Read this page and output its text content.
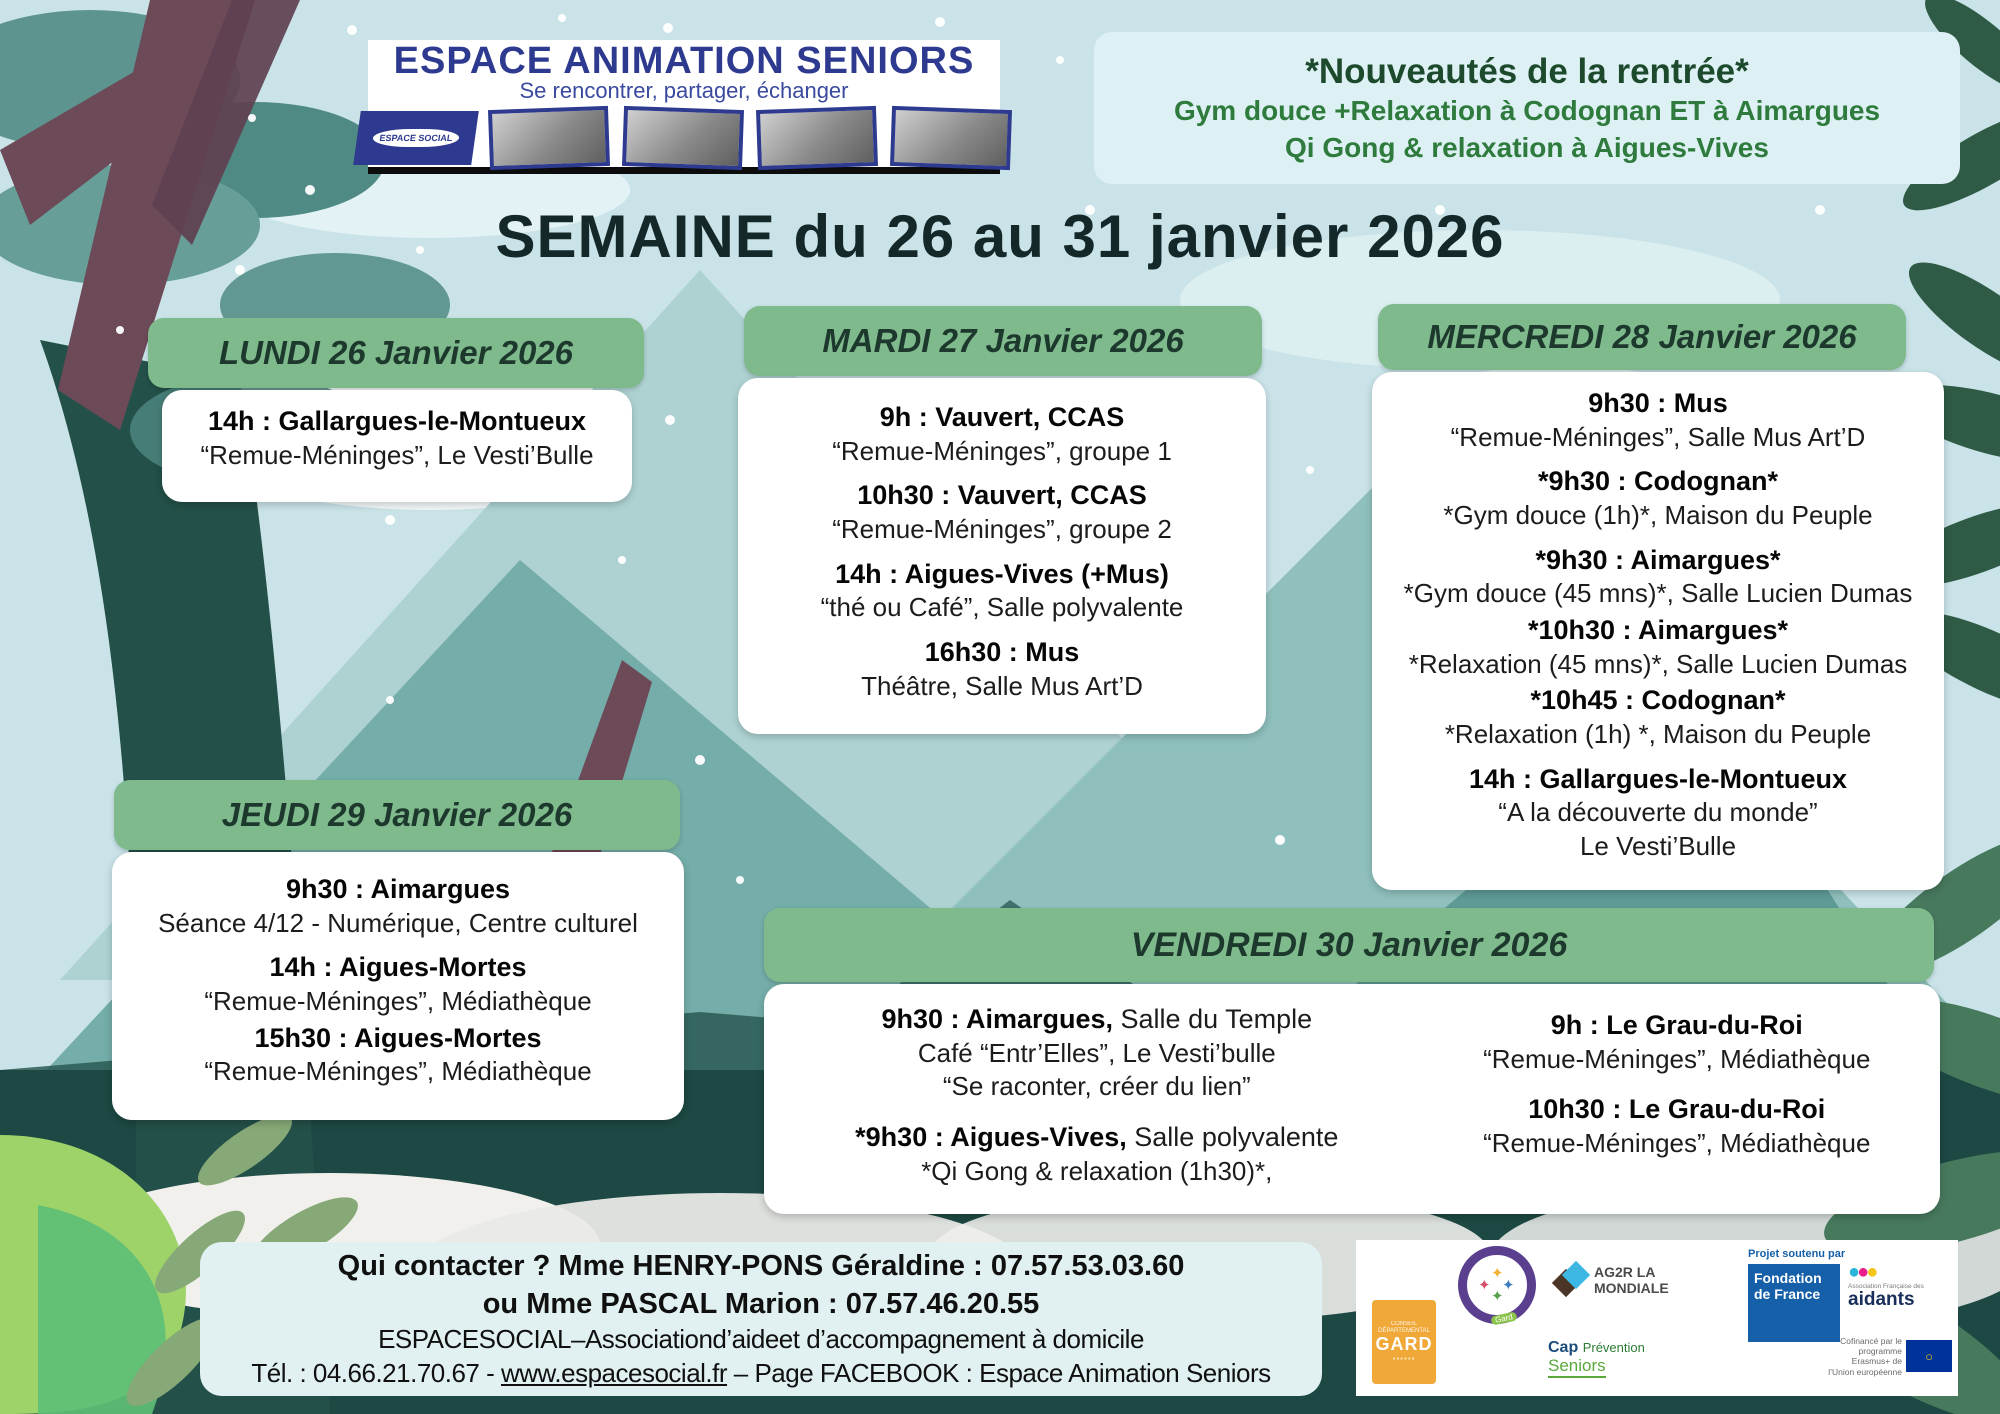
ESPACE ANIMATION SENIORS
Se rencontrer, partager, échanger
ESPACE SOCIAL
*Nouveautés de la rentrée*
Gym douce +Relaxation à Codognan ET à Aimargues
Qi Gong & relaxation à Aigues-Vives
SEMAINE du 26 au 31 janvier 2026
LUNDI 26 Janvier 2026
14h : Gallargues-le-Montueux
“Remue-Méninges”, Le Vesti’Bulle
MARDI 27 Janvier 2026
9h : Vauvert, CCAS
“Remue-Méninges”, groupe 1
10h30 : Vauvert, CCAS
“Remue-Méninges”, groupe 2
14h : Aigues-Vives (+Mus)
“thé ou Café”, Salle polyvalente
16h30 : Mus
Théâtre, Salle Mus Art’D
MERCREDI 28 Janvier 2026
9h30 : Mus
“Remue-Méninges”, Salle Mus Art’D
*9h30 : Codognan*
*Gym douce (1h)*, Maison du Peuple
*9h30 : Aimargues*
*Gym douce (45 mns)*, Salle Lucien Dumas
*10h30 : Aimargues*
*Relaxation (45 mns)*, Salle Lucien Dumas
*10h45 : Codognan*
*Relaxation (1h) *, Maison du Peuple
14h : Gallargues-le-Montueux
“A la découverte du monde”
Le Vesti’Bulle
JEUDI 29 Janvier 2026
9h30 : Aimargues
Séance 4/12 - Numérique, Centre culturel
14h : Aigues-Mortes
“Remue-Méninges”, Médiathèque
15h30 : Aigues-Mortes
“Remue-Méninges”, Médiathèque
VENDREDI 30 Janvier 2026
9h30 : Aimargues, Salle du Temple
Café “Entr’Elles”, Le Vesti’bulle
“Se raconter, créer du lien”
*9h30 : Aigues-Vives, Salle polyvalente
*Qi Gong & relaxation (1h30)*,
9h : Le Grau-du-Roi
“Remue-Méninges”, Médiathèque
10h30 : Le Grau-du-Roi
“Remue-Méninges”, Médiathèque
Qui contacter ? Mme HENRY-PONS Géraldine : 07.57.53.03.60
ou Mme PASCAL Marion : 07.57.46.20.55
ESPACESOCIAL–Associationd’aideet d’accompagnement à domicile
Tél. : 04.66.21.70.67 - www.espacesocial.fr – Page FACEBOOK : Espace Animation Seniors
CONSEIL DÉPARTEMENTAL
GARD
▪▪▪▪▪▪
✦
✦ ✦
✦
Gard
AG2R LA MONDIALE
Cap Prévention
Seniors
Projet soutenu par
Fondation de France
●●●
Association Française des
aidants
Cofinancé par le programme Erasmus+ de l’Union européenne
○
